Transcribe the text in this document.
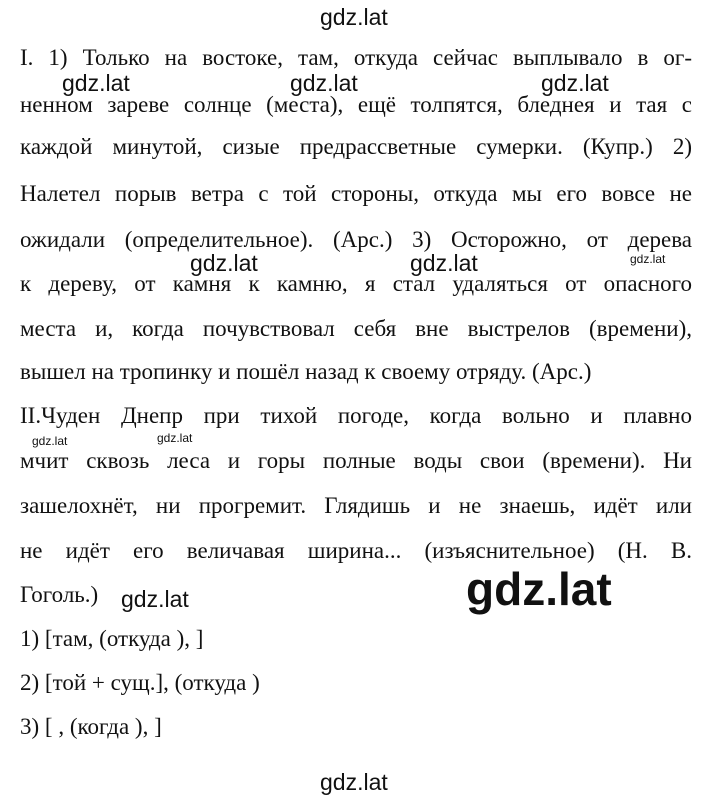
I. 1) Только на востоке, там, откуда сейчас выплывало в ог-
ненном зареве солнце (места), ещё толпятся, бледнея и тая с
каждой минутой, сизые предрассветные сумерки. (Купр.) 2)
Налетел порыв ветра с той стороны, откуда мы его вовсе не
ожидали (определительное). (Арс.) 3) Осторожно, от дерева
к дереву, от камня к камню, я стал удаляться от опасного
места и, когда почувствовал себя вне выстрелов (времени),
вышел на тропинку и пошёл назад к своему отряду. (Арс.)
II.Чуден Днепр при тихой погоде, когда вольно и плавно
мчит сквозь леса и горы полные воды свои (времени). Ни
зашелохнёт, ни прогремит. Глядишь и не знаешь, идёт или
не идёт его величавая ширина... (изъяснительное) (Н. В.
Гоголь.)
1) [там, (откуда ), ]
2) [той + сущ.], (откуда )
3) [ , (когда ), ]
gdz.lat
gdz.lat	gdz.lat	gdz.lat
gdz.lat	gdz.lat	gdz.lat
gdz.lat	gdz.lat
gdz.lat	gdz.lat
gdz.lat
